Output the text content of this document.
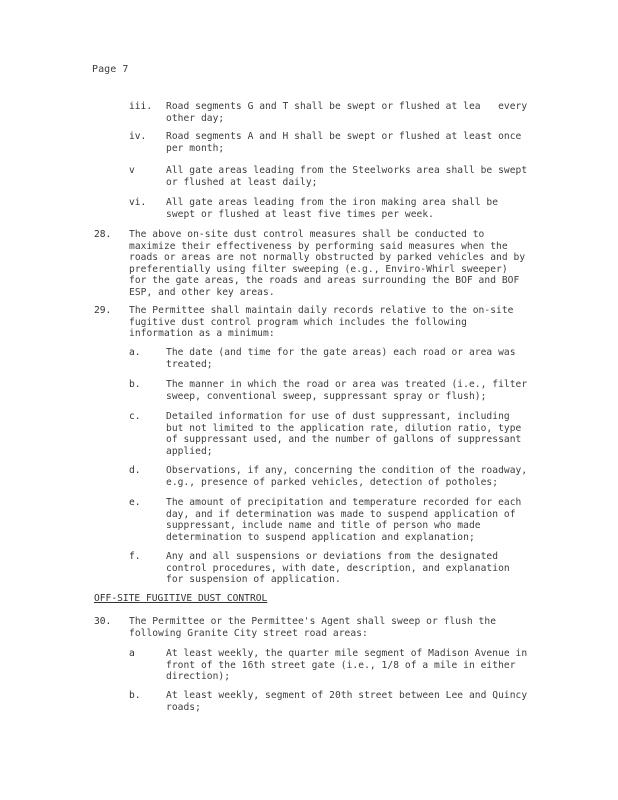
Page 7
iii. Road segments G and T shall be swept or flushed at lea   every
other day;
iv. Road segments A and H shall be swept or flushed at least once
per month;
v	All gate areas leading from the Steelworks area shall be swept
or flushed at least daily;
vi. All gate areas leading from the iron making area shall be
swept or flushed at least five times per week.
28. The above on-site dust control measures shall be conducted to
maximize their effectiveness by performing said measures when the
roads or areas are not normally obstructed by parked vehicles and by
preferentially using filter sweeping (e.g., Enviro-Whirl sweeper)
for the gate areas, the roads and areas surrounding the BOF and BOF
ESP, and other key areas.
29. The Permittee shall maintain daily records relative to the on-site
fugitive dust control program which includes the following
information as a minimum:
a.	The date (and time for the gate areas) each road or area was
treated;
b.	The manner in which the road or area was treated (i.e., filter
sweep, conventional sweep, suppressant spray or flush);
c.	Detailed information for use of dust suppressant, including
but not limited to the application rate, dilution ratio, type
of suppressant used, and the number of gallons of suppressant
applied;
d.	Observations, if any, concerning the condition of the roadway,
e.g., presence of parked vehicles, detection of potholes;
e.	The amount of precipitation and temperature recorded for each
day, and if determination was made to suspend application of
suppressant, include name and title of person who made
determination to suspend application and explanation;
f.	Any and all suspensions or deviations from the designated
control procedures, with date, description, and explanation
for suspension of application.
OFF-SITE FUGITIVE DUST CONTROL
30. The Permittee or the Permittee's Agent shall sweep or flush the
following Granite City street road areas:
a	At least weekly, the quarter mile segment of Madison Avenue in
front of the 16th street gate (i.e., 1/8 of a mile in either
direction);
b.	At least weekly, segment of 20th street between Lee and Quincy
roads;
